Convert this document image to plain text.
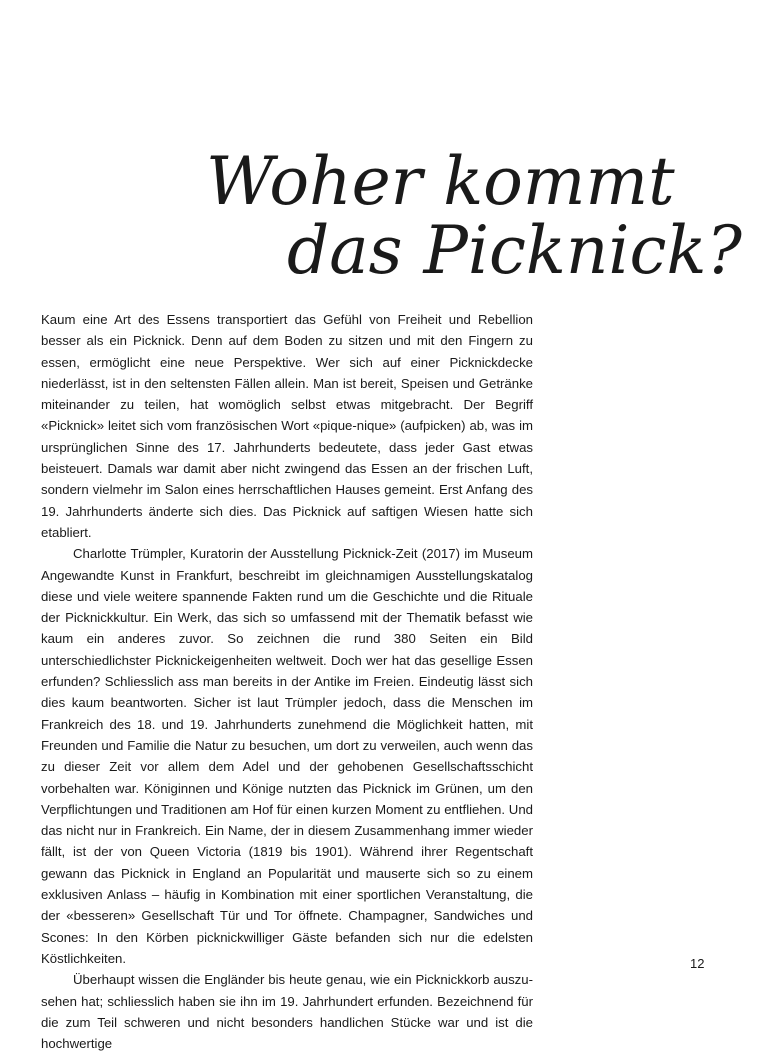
Woher kommt
das Picknick?

Kaum eine Art des Essens transportiert das Gefühl von Freiheit und Rebellion besser als ein Picknick. Denn auf dem Boden zu sitzen und mit den Fingern zu essen, ermöglicht eine neue Perspektive. Wer sich auf einer Picknickdecke niederlässt, ist in den seltensten Fällen allein. Man ist bereit, Speisen und Getränke miteinander zu teilen, hat womöglich selbst etwas mitgebracht. Der Begriff «Picknick» leitet sich vom französischen Wort «pique-nique» (aufpicken) ab, was im ursprünglichen Sinne des 17. Jahrhunderts bedeutete, dass jeder Gast etwas beisteuert. Damals war damit aber nicht zwingend das Essen an der frischen Luft, sondern vielmehr im Salon eines herrschaftlichen Hauses gemeint. Erst Anfang des 19. Jahrhunderts änderte sich dies. Das Picknick auf saftigen Wiesen hatte sich etabliert.

Charlotte Trümpler, Kuratorin der Ausstellung Picknick-Zeit (2017) im Museum Angewandte Kunst in Frankfurt, beschreibt im gleichnamigen Ausstellungskatalog diese und viele weitere spannende Fakten rund um die Geschichte und die Rituale der Picknickkultur. Ein Werk, das sich so umfassend mit der Thematik befasst wie kaum ein anderes zuvor. So zeichnen die rund 380 Seiten ein Bild unterschiedlichster Picknickeigenheiten weltweit. Doch wer hat das gesellige Essen erfunden? Schliesslich ass man bereits in der Antike im Freien. Eindeutig lässt sich dies kaum beantworten. Sicher ist laut Trümpler jedoch, dass die Menschen im Frankreich des 18. und 19. Jahrhunderts zunehmend die Möglichkeit hatten, mit Freunden und Familie die Natur zu besuchen, um dort zu verweilen, auch wenn das zu dieser Zeit vor allem dem Adel und der gehobenen Gesellschaftsschicht vorbehalten war. Königinnen und Könige nutzten das Picknick im Grünen, um den Verpflichtungen und Traditionen am Hof für einen kurzen Moment zu entfliehen. Und das nicht nur in Frankreich. Ein Name, der in diesem Zusammenhang immer wieder fällt, ist der von Queen Victoria (1819 bis 1901). Während ihrer Regentschaft gewann das Picknick in England an Popularität und mauserte sich so zu einem exklusiven Anlass – häufig in Kombination mit einer sportlichen Veranstaltung, die der «besseren» Gesellschaft Tür und Tor öffnete. Champagner, Sandwiches und Scones: In den Körben picknickwilliger Gäste befanden sich nur die edelsten Köstlichkeiten.

Überhaupt wissen die Engländer bis heute genau, wie ein Picknickkorb auszusehen hat; schliesslich haben sie ihn im 19. Jahrhundert erfunden. Bezeichnend für die zum Teil schweren und nicht besonders handlichen Stücke war und ist die hochwertige

12
